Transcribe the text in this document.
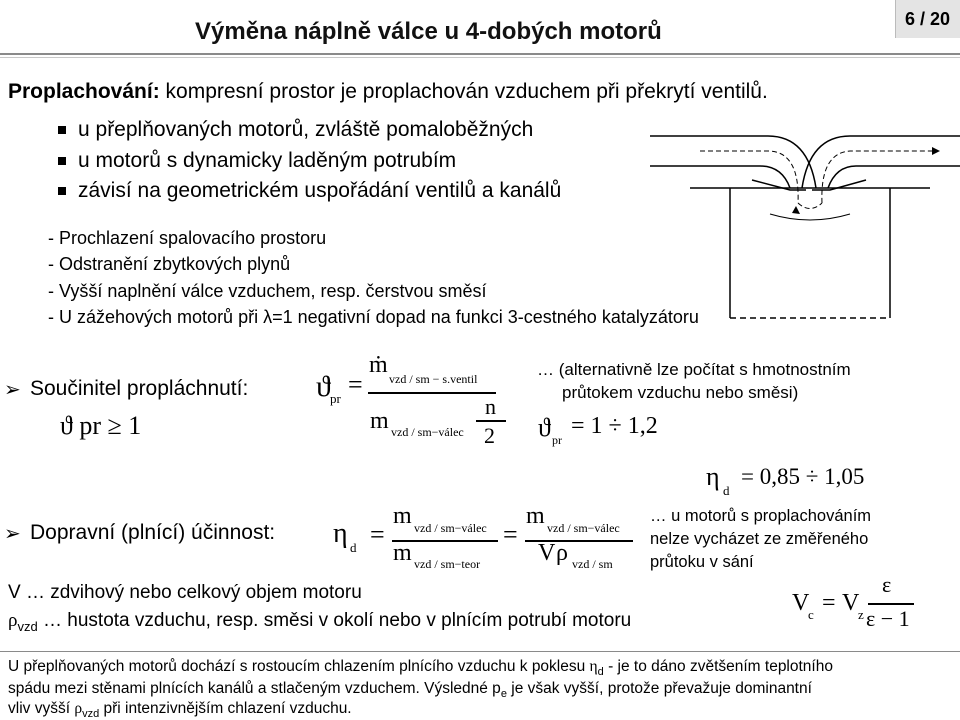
6 / 20
Výměna náplně válce u 4-dobých motorů
Proplachování: kompresní prostor je proplachován vzduchem při překrytí ventilů.
u přeplňovaných motorů, zvláště pomaloběžných
u motorů s dynamicky laděným potrubím
závisí na geometrickém uspořádání ventilů a kanálů
- Prochlazení spalovacího prostoru
- Odstranění zbytkových plynů
- Vyšší naplnění válce vzduchem, resp. čerstvou směsí
- U zážehových motorů při λ=1 negativní dopad na funkci 3-cestného katalyzátoru
➢ Součinitel propláchnutí:
ϑ pr ≥ 1
ϑ pr =
ṁ
vzd / sm − s.ventil
n
m vzd / sm−válec 2
… (alternativně lze počítat s hmotnostním
průtokem vzduchu nebo směsi)
ϑ pr
= 1 ÷ 1,2
η d
= 0,85 ÷ 1,05
➢ Dopravní (plnící) účinnost: η d =
m vzd / sm−válec
m vzd / sm−teor
=
m vzd / sm−válec
V ρ vzd / sm
… u motorů s proplachováním
nelze vycházet ze změřeného
průtoku v sání
V … zdvihový nebo celkový objem motoru
$\rho_{vzd}$ … hustota vzduchu, resp. směsi v okolí nebo v plnícím potrubí motoru
V
c = V
z
ε
ε − 1
U přeplňovaných motorů dochází s rostoucím chlazením plnícího vzduchu k poklesu $\eta_d$ - je to dáno zvětšením teplotního
spádu mezi stěnami plnících kanálů a stlačeným vzduchem. Výsledné $p_e$ je však vyšší, protože převažuje dominantní
vliv vyšší $\rho_{vzd}$ při intenzivnějším chlazení vzduchu.
